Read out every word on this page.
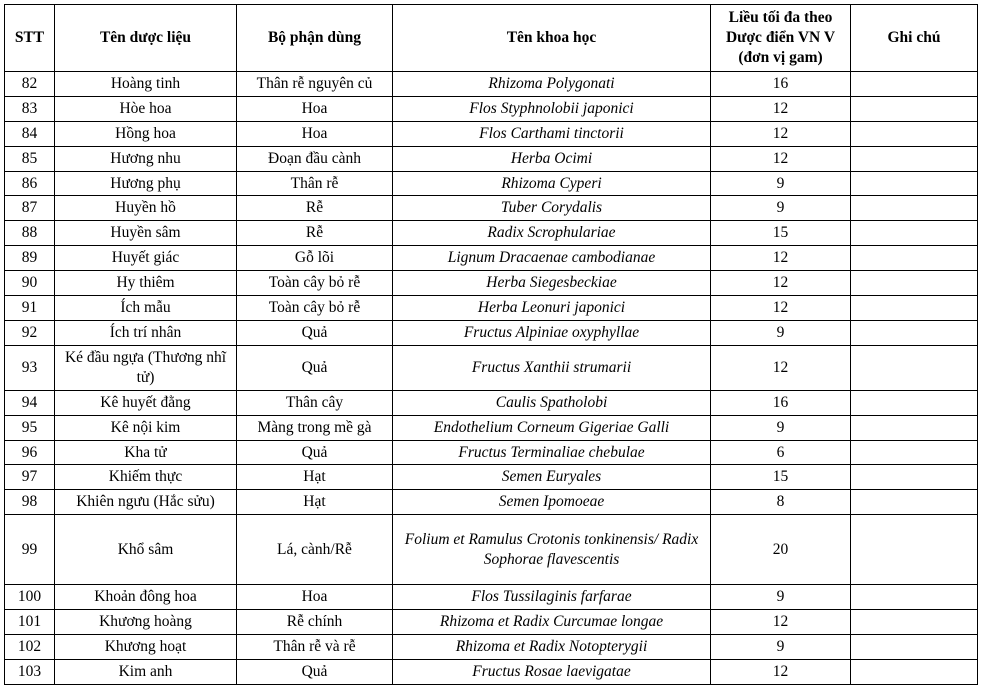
STT	Tên dược liệu	Bộ phận dùng	Tên khoa học	Liều tối đa theo Dược điển VN V (đơn vị gam)	Ghi chú
82	Hoàng tinh	Thân rễ nguyên củ	Rhizoma Polygonati	16	
83	Hòe hoa	Hoa	Flos Styphnolobii japonici	12	
84	Hồng hoa	Hoa	Flos Carthami tinctorii	12	
85	Hương nhu	Đoạn đầu cành	Herba Ocimi	12	
86	Hương phụ	Thân rễ	Rhizoma Cyperi	9	
87	Huyền hồ	Rễ	Tuber Corydalis	9	
88	Huyền sâm	Rễ	Radix Scrophulariae	15	
89	Huyết giác	Gỗ lõi	Lignum Dracaenae cambodianae	12	
90	Hy thiêm	Toàn cây bỏ rễ	Herba Siegesbeckiae	12	
91	Ích mẫu	Toàn cây bỏ rễ	Herba Leonuri japonici	12	
92	Ích trí nhân	Quả	Fructus Alpiniae oxyphyllae	9	
93	Ké đầu ngựa (Thương nhĩ tử)	Quả	Fructus Xanthii strumarii	12	
94	Kê huyết đằng	Thân cây	Caulis Spatholobi	16	
95	Kê nội kim	Màng trong mề gà	Endothelium Corneum Gigeriae Galli	9	
96	Kha tử	Quả	Fructus Terminaliae chebulae	6	
97	Khiếm thực	Hạt	Semen Euryales	15	
98	Khiên ngưu (Hắc sửu)	Hạt	Semen Ipomoeae	8	
99	Khổ sâm	Lá, cành/Rễ	Folium et Ramulus Crotonis tonkinensis/ Radix Sophorae flavescentis	20	
100	Khoản đông hoa	Hoa	Flos Tussilaginis farfarae	9	
101	Khương hoàng	Rễ chính	Rhizoma et Radix Curcumae longae	12	
102	Khương hoạt	Thân rễ và rễ	Rhizoma et Radix Notopterygii	9	
103	Kim anh	Quả	Fructus Rosae laevigatae	12	
